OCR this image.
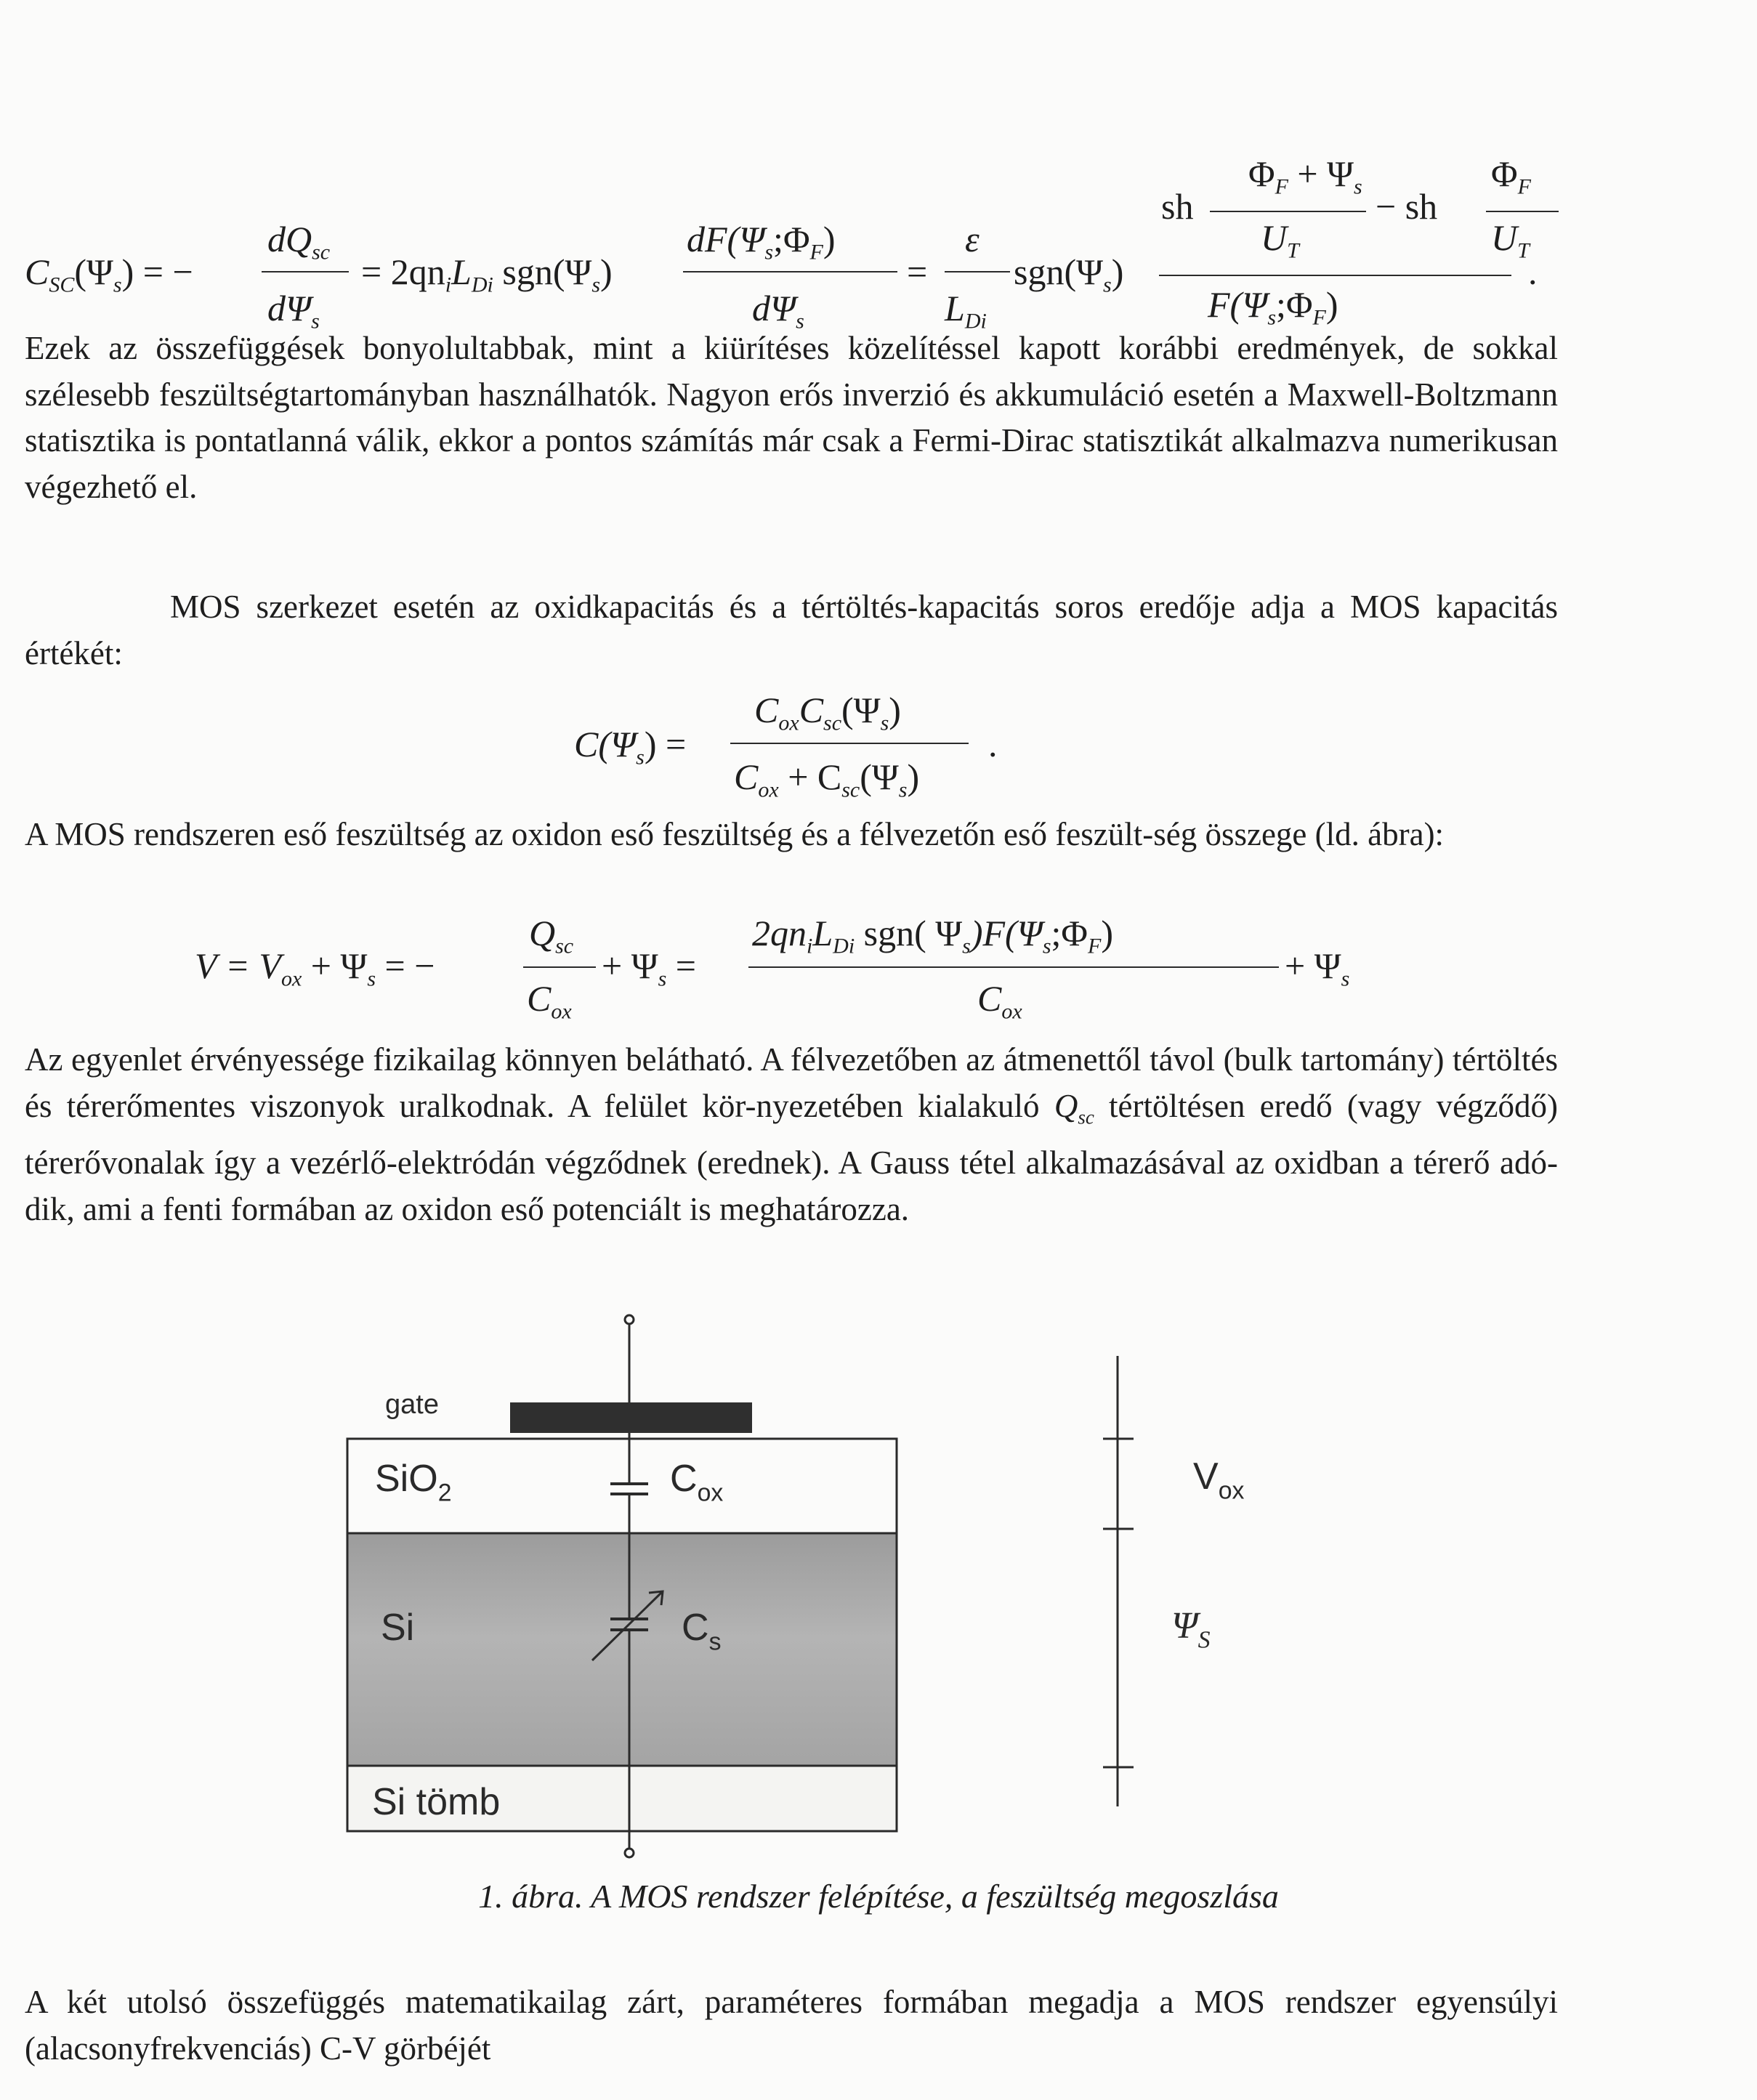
$C_{SC}(\Psi_s)$ = −
$dQ_{sc}$
$d\Psi_s$
= $2qn_iL_{Di}$ $sgn(\Psi_s)$
$dF(\Psi_s;\Phi_F)$
$d\Psi_s$
=
ε
$L_{Di}$
$sgn(\Psi_s)$
sh
$\Phi_F + \Psi_s$
$U_T$
− sh
$\Phi_F$
$U_T$
$F(\Psi_s;\Phi_F)$
.

Ezek az összefüggések bonyolultabbak, mint a kiürítéses közelítéssel kapott korábbi eredmények, de sokkal szélesebb feszültségtartományban használhatók. Nagyon erős inverzió és akkumuláció esetén a Maxwell-Boltzmann statisztika is pontatlanná válik, ekkor a pontos számítás már csak a Fermi-Dirac statisztikát alkalmazva numerikusan végezhető el.

MOS szerkezet esetén az oxidkapacitás és a tértöltés-kapacitás soros eredője adja a MOS kapacitás értékét:

$C(\Psi_s)$ =
$C_{ox}C_{sc}(\Psi_s)$
$C_{ox} + C_{sc}(\Psi_s)$
.

A MOS rendszeren eső feszültség az oxidon eső feszültség és a félvezetőn eső feszült-ség összege (ld. ábra):

$V = V_{ox} + \Psi_s$ = −
$Q_{sc}$
$C_{ox}$
+ $\Psi_s$ =
$2qn_iL_{Di}$ sgn( $\Psi_s)F(\Psi_s;\Phi_F)$
$C_{ox}$
+ $\Psi_s$

Az egyenlet érvényessége fizikailag könnyen belátható. A félvezetőben az átmenettől távol (bulk tartomány) tértöltés és térerőmentes viszonyok uralkodnak. A felület kör-nyezetében kialakuló $Q_{sc}$ tértöltésen eredő (vagy végződő) térerővonalak így a vezérlő-elektródán végződnek (erednek). A Gauss tétel alkalmazásával az oxidban a térerő adó-dik, ami a fenti formában az oxidon eső potenciált is meghatározza.

gate
SiO$_2$	$C_{ox}$
Si	$C_s$
Si tömb
$V_{ox}$
$\Psi_S$
1. ábra. A MOS rendszer felépítése, a feszültség megoszlása

A két utolsó összefüggés matematikailag zárt, paraméteres formában megadja a MOS rendszer egyensúlyi (alacsonyfrekvenciás) C-V görbéjét
